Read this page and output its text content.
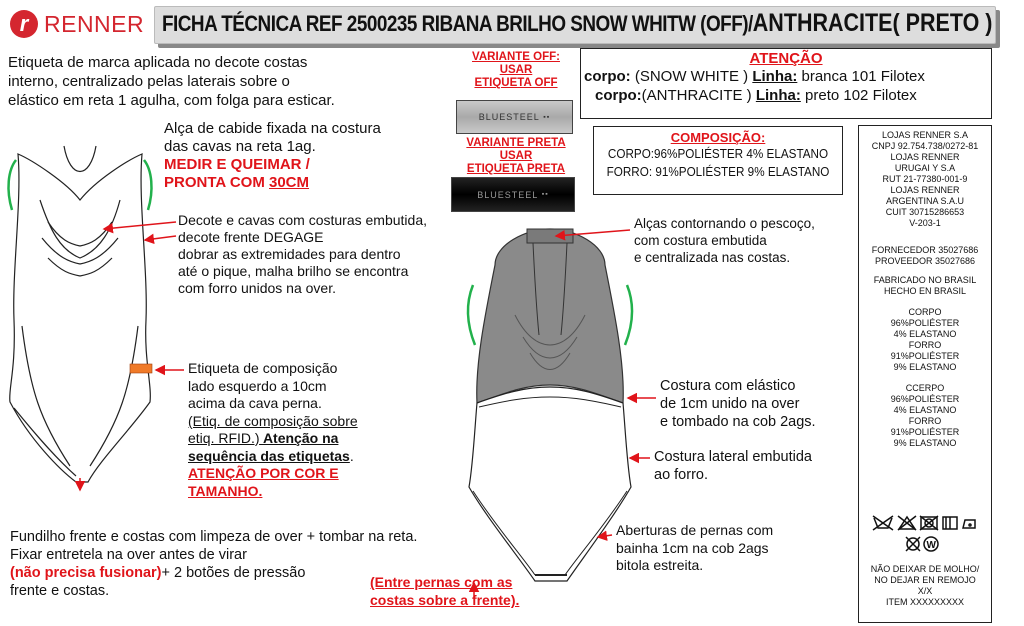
r RENNER FICHA TÉCNICA REF 2500235 RIBANA BRILHO SNOW WHITW (OFF)/ANTHRACITE( PRETO )
Etiqueta de marca aplicada no decote costas
interno, centralizado pelas laterais sobre o
elástico em reta 1 agulha, com folga para esticar.
Alça de cabide fixada na costura
das cavas na reta 1ag.
MEDIR E QUEIMAR /
PRONTA COM 30CM
Decote e cavas com costuras embutida,
decote frente DEGAGE
dobrar as extremidades para dentro
até o pique, malha brilho se encontra
com forro unidos na over.
Etiqueta de composição
lado esquerdo a 10cm
acima da cava perna.
(Etiq. de composição sobre
etiq. RFID.) Atenção na
sequência das etiquetas.
ATENÇÃO POR COR E
TAMANHO.
Fundilho frente e costas com limpeza de over + tombar na reta.
Fixar entretela na over antes de virar
(não precisa fusionar)+ 2 botões de pressão
frente e costas.
(Entre pernas com as
costas sobre a frente).
VARIANTE OFF:
USAR
ETIQUETA OFF
BLUESTEEL
▪▪
VARIANTE PRETA
USAR
ETIQUETA PRETA
BLUESTEEL
▪▪
ATENÇÃO
corpo: (SNOW WHITE ) Linha: branca 101 Filotex
corpo:(ANTHRACITE ) Linha: preto 102 Filotex
COMPOSIÇÃO:
CORPO:96%POLIÉSTER 4% ELASTANO
FORRO: 91%POLIÉSTER 9% ELASTANO
LOJAS RENNER S.A
CNPJ 92.754.738/0272-81
LOJAS RENNER
URUGAI Y S.A
RUT 21-77380-001-9
LOJAS RENNER
ARGENTINA S.A.U
CUIT 30715286653
V-203-1
FORNECEDOR 35027686
PROVEEDOR 35027686
FABRICADO NO BRASIL
HECHO EN BRASIL
CORPO
96%POLIÉSTER
4% ELASTANO
FORRO
91%POLIÉSTER
9% ELASTANO
CCERPO
96%POLIÉSTER
4% ELASTANO
FORRO
91%POLIÉSTER
9% ELASTANO
W
NÃO DEIXAR DE MOLHO/
NO DEJAR EN REMOJO
X/X
ITEM XXXXXXXXX
Alças contornando o pescoço,
com costura embutida
e centralizada nas costas.
Costura com elástico
de 1cm unido na over
e tombado na cob 2ags.
Costura lateral embutida
ao forro.
Aberturas de pernas com
bainha 1cm na cob 2ags
bitola estreita.
